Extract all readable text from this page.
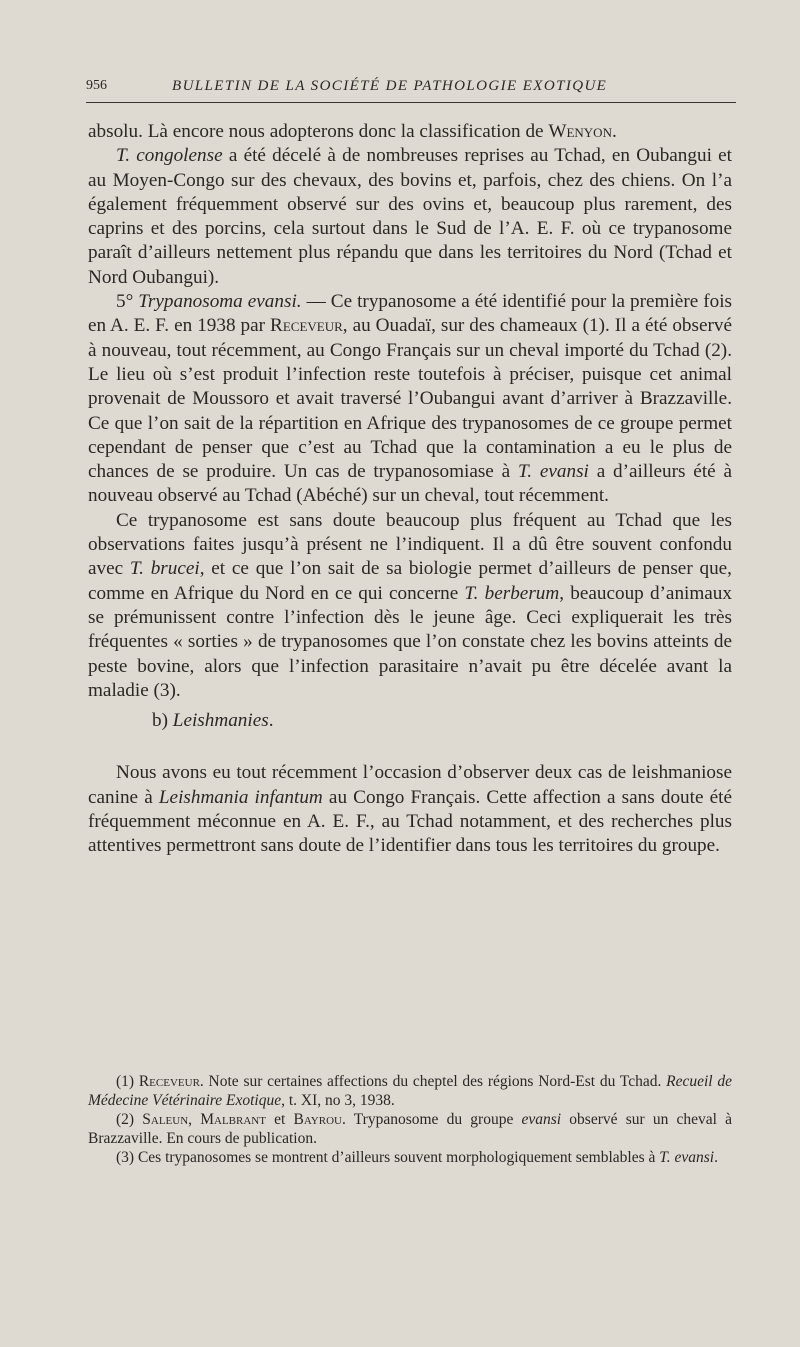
956	BULLETIN DE LA SOCIÉTÉ DE PATHOLOGIE EXOTIQUE

absolu. Là encore nous adopterons donc la classification de Wenyon.

T. congolense a été décelé à de nombreuses reprises au Tchad, en Oubangui et au Moyen-Congo sur des chevaux, des bovins et, parfois, chez des chiens. On l’a également fréquemment observé sur des ovins et, beaucoup plus rarement, des caprins et des porcins, cela surtout dans le Sud de l’A. E. F. où ce trypanosome paraît d’ailleurs nettement plus répandu que dans les territoires du Nord (Tchad et Nord Oubangui).

5° Trypanosoma evansi. — Ce trypanosome a été identifié pour la première fois en A. E. F. en 1938 par Receveur, au Ouadaï, sur des chameaux (1). Il a été observé à nouveau, tout récemment, au Congo Français sur un cheval importé du Tchad (2). Le lieu où s’est produit l’infection reste toutefois à préciser, puisque cet animal provenait de Moussoro et avait traversé l’Oubangui avant d’arriver à Brazzaville. Ce que l’on sait de la répartition en Afrique des trypanosomes de ce groupe permet cependant de penser que c’est au Tchad que la contamination a eu le plus de chances de se produire. Un cas de trypanosomiase à T. evansi a d’ailleurs été à nouveau observé au Tchad (Abéché) sur un cheval, tout récemment.

Ce trypanosome est sans doute beaucoup plus fréquent au Tchad que les observations faites jusqu’à présent ne l’indiquent. Il a dû être souvent confondu avec T. brucei, et ce que l’on sait de sa biologie permet d’ailleurs de penser que, comme en Afrique du Nord en ce qui concerne T. berberum, beaucoup d’animaux se prémunissent contre l’infection dès le jeune âge. Ceci expliquerait les très fréquentes « sorties » de trypanosomes que l’on constate chez les bovins atteints de peste bovine, alors que l’infection parasitaire n’avait pu être décelée avant la maladie (3).

b) Leishmanies.

Nous avons eu tout récemment l’occasion d’observer deux cas de leishmaniose canine à Leishmania infantum au Congo Français. Cette affection a sans doute été fréquemment méconnue en A. E. F., au Tchad notamment, et des recherches plus attentives permettront sans doute de l’identifier dans tous les territoires du groupe.

(1) Receveur. Note sur certaines affections du cheptel des régions Nord-Est du Tchad. Recueil de Médecine Vétérinaire Exotique, t. XI, no 3, 1938.

(2) Saleun, Malbrant et Bayrou. Trypanosome du groupe evansi observé sur un cheval à Brazzaville. En cours de publication.

(3) Ces trypanosomes se montrent d’ailleurs souvent morphologiquement semblables à T. evansi.
